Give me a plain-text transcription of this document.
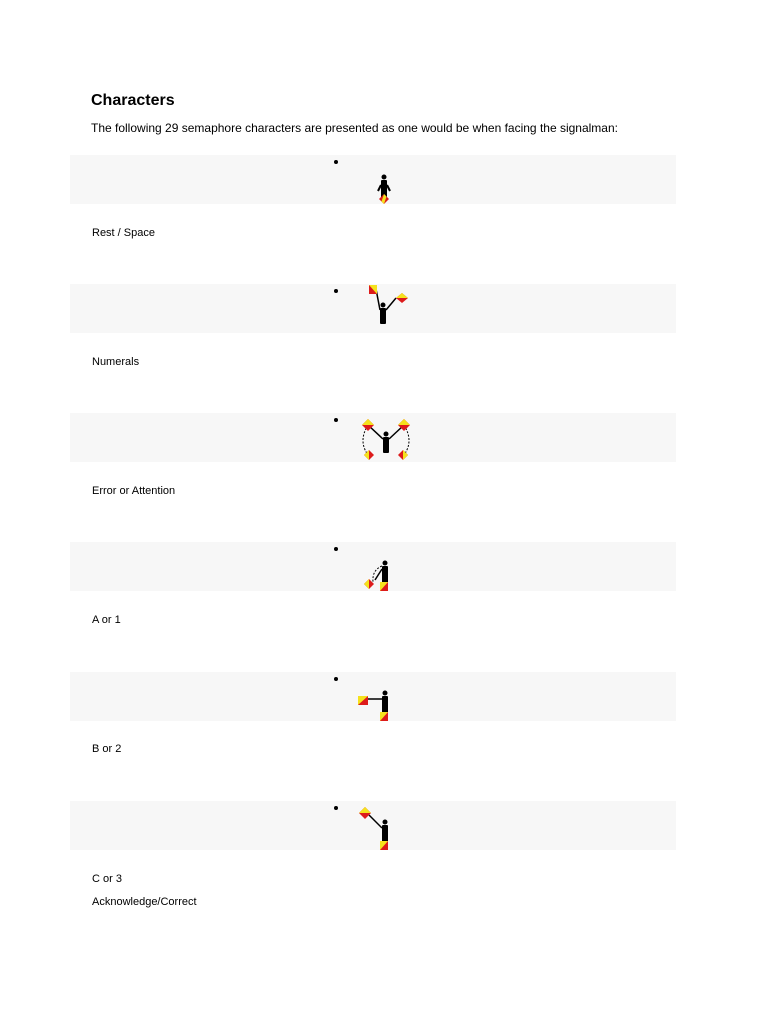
Characters

The following 29 semaphore characters are presented as one would be when facing the signalman:

Rest / Space

Numerals

Error or Attention

A or 1

B or 2

C or 3

Acknowledge/Correct
